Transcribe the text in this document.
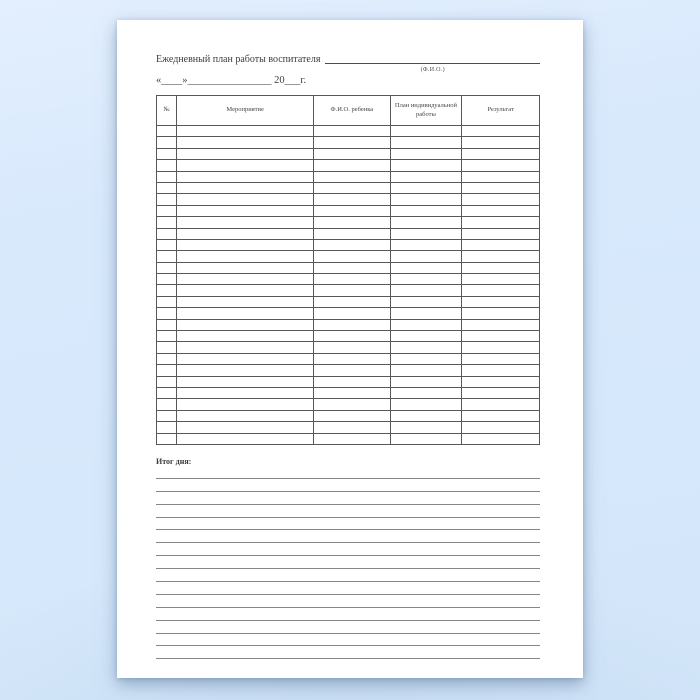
Ежедневный план работы воспитателя
(Ф.И.О.)
«____»________________ 20___г.
№	Мероприятие	Ф.И.О. ребенка	План индивидуальной работы	Результат

Итог дня:
